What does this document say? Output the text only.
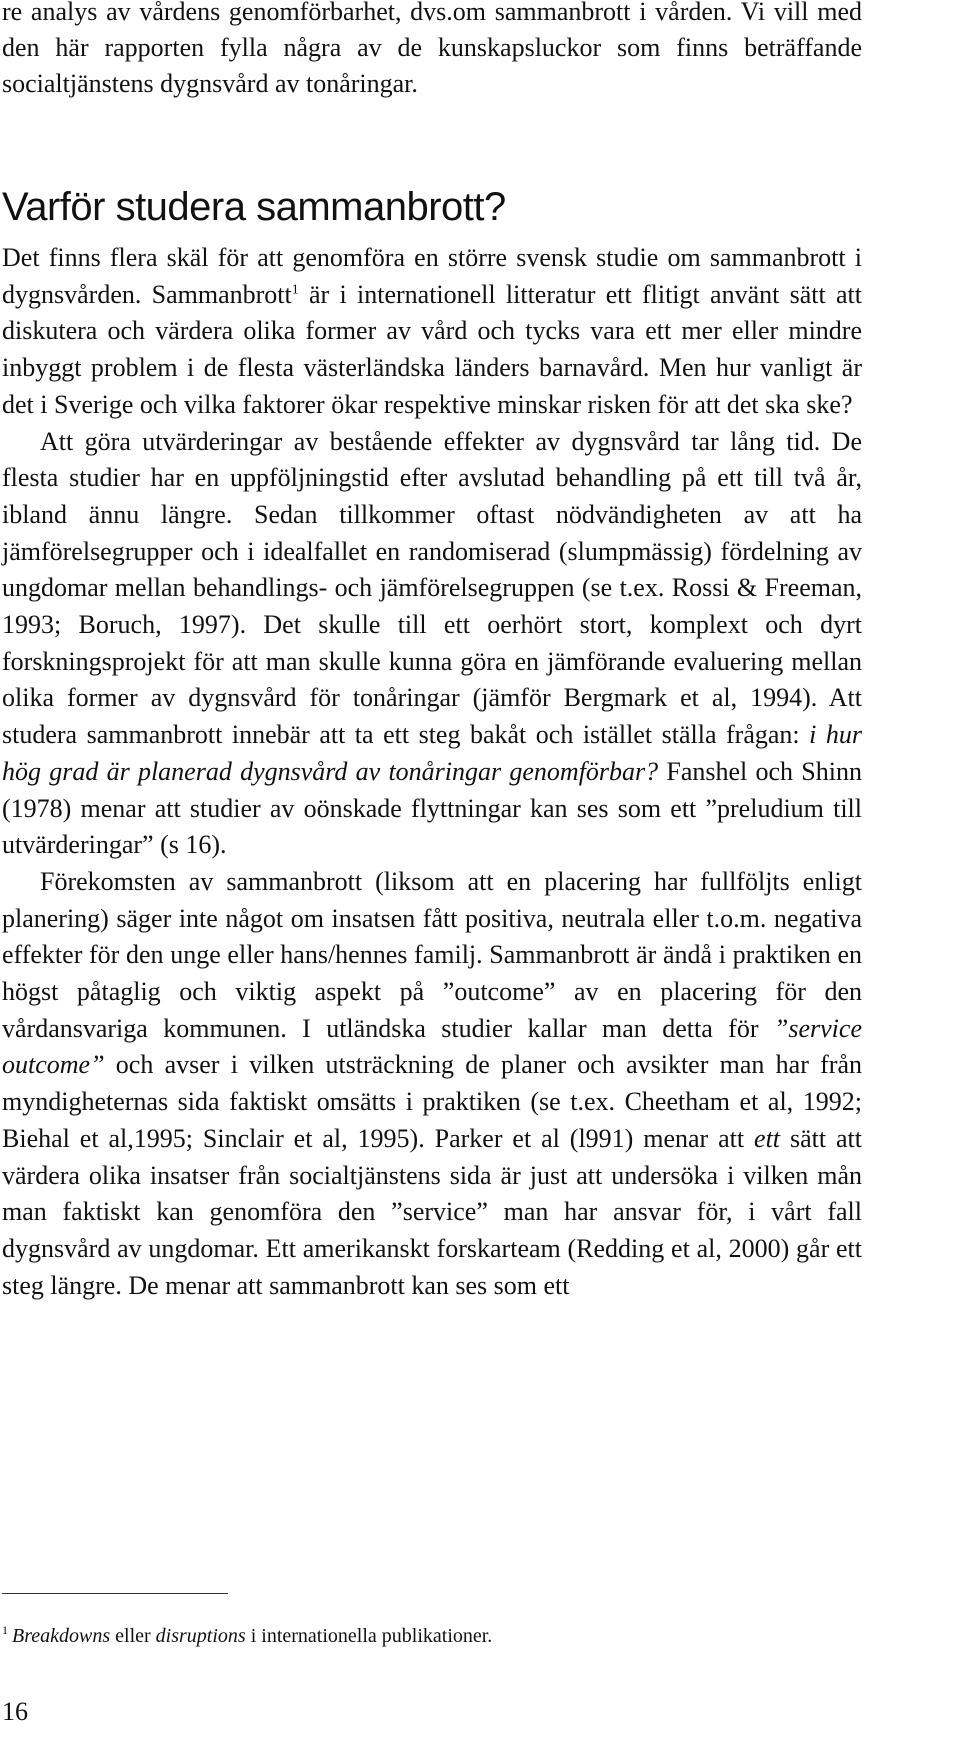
re analys av vårdens genomförbarhet, dvs.om sammanbrott i vården. Vi vill med den här rapporten fylla några av de kunskapsluckor som finns beträffande socialtjänstens dygnsvård av tonåringar.

Varför studera sammanbrott?

Det finns flera skäl för att genomföra en större svensk studie om sammanbrott i dygnsvården. Sammanbrott$^1$ är i internationell litteratur ett flitigt använt sätt att diskutera och värdera olika former av vård och tycks vara ett mer eller mindre inbyggt problem i de flesta västerländska länders barnavård. Men hur vanligt är det i Sverige och vilka faktorer ökar respektive minskar risken för att det ska ske?

Att göra utvärderingar av bestående effekter av dygnsvård tar lång tid. De flesta studier har en uppföljningstid efter avslutad behandling på ett till två år, ibland ännu längre. Sedan tillkommer oftast nödvändigheten av att ha jämförelsegrupper och i idealfallet en randomiserad (slumpmässig) fördelning av ungdomar mellan behandlings- och jämförelsegruppen (se t.ex. Rossi & Freeman, 1993; Boruch, 1997). Det skulle till ett oerhört stort, komplext och dyrt forskningsprojekt för att man skulle kunna göra en jämförande evaluering mellan olika former av dygnsvård för tonåringar (jämför Bergmark et al, 1994). Att studera sammanbrott innebär att ta ett steg bakåt och istället ställa frågan: i hur hög grad är planerad dygnsvård av tonåringar genomförbar? Fanshel och Shinn (1978) menar att studier av oönskade flyttningar kan ses som ett ”preludium till utvärderingar” (s 16).

Förekomsten av sammanbrott (liksom att en placering har fullföljts enligt planering) säger inte något om insatsen fått positiva, neutrala eller t.o.m. negativa effekter för den unge eller hans/hennes familj. Sammanbrott är ändå i praktiken en högst påtaglig och viktig aspekt på ”outcome” av en placering för den vårdansvariga kommunen. I utländska studier kallar man detta för ”service outcome” och avser i vilken utsträckning de planer och avsikter man har från myndigheternas sida faktiskt omsätts i praktiken (se t.ex. Cheetham et al, 1992; Biehal et al,1995; Sinclair et al, 1995). Parker et al (l991) menar att ett sätt att värdera olika insatser från socialtjänstens sida är just att undersöka i vilken mån man faktiskt kan genomföra den ”service” man har ansvar för, i vårt fall dygnsvård av ungdomar. Ett amerikanskt forskarteam (Redding et al, 2000) går ett steg längre. De menar att sammanbrott kan ses som ett

$^1$ Breakdowns eller disruptions i internationella publikationer.

16
